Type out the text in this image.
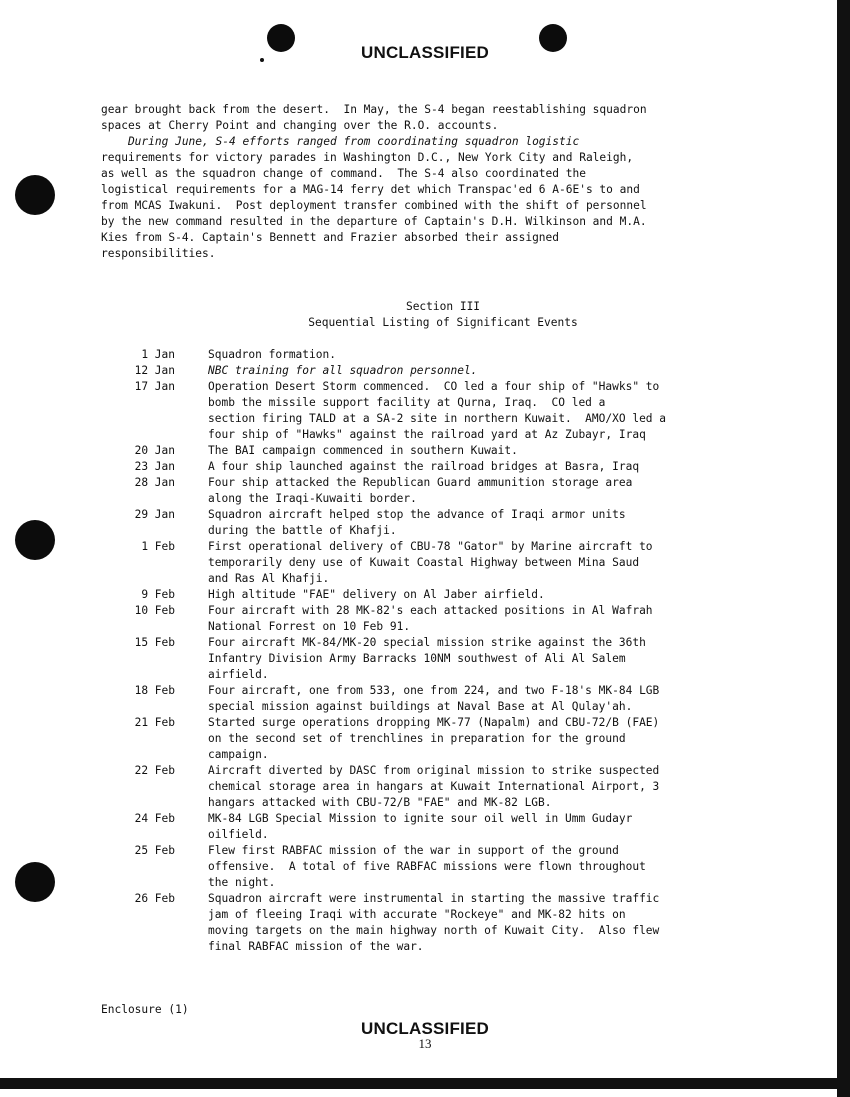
UNCLASSIFIED
gear brought back from the desert.  In May, the S-4 began reestablishing squadron
spaces at Cherry Point and changing over the R.O. accounts.
During June, S-4 efforts ranged from coordinating squadron logistic
requirements for victory parades in Washington D.C., New York City and Raleigh,
as well as the squadron change of command.  The S-4 also coordinated the
logistical requirements for a MAG-14 ferry det which Transpac'ed 6 A-6E's to and
from MCAS Iwakuni.  Post deployment transfer combined with the shift of personnel
by the new command resulted in the departure of Captain's D.H. Wilkinson and M.A.
Kies from S-4. Captain's Bennett and Frazier absorbed their assigned
responsibilities.
Section III
Sequential Listing of Significant Events
1 Jan	Squadron formation.
12 Jan	NBC training for all squadron personnel.
17 Jan	Operation Desert Storm commenced.  CO led a four ship of "Hawks" to
bomb the missile support facility at Qurna, Iraq.  CO led a
section firing TALD at a SA-2 site in northern Kuwait.  AMO/XO led a
four ship of "Hawks" against the railroad yard at Az Zubayr, Iraq
20 Jan	The BAI campaign commenced in southern Kuwait.
23 Jan	A four ship launched against the railroad bridges at Basra, Iraq
28 Jan	Four ship attacked the Republican Guard ammunition storage area
along the Iraqi-Kuwaiti border.
29 Jan	Squadron aircraft helped stop the advance of Iraqi armor units
during the battle of Khafji.
1 Feb	First operational delivery of CBU-78 "Gator" by Marine aircraft to
temporarily deny use of Kuwait Coastal Highway between Mina Saud
and Ras Al Khafji.
9 Feb	High altitude "FAE" delivery on Al Jaber airfield.
10 Feb	Four aircraft with 28 MK-82's each attacked positions in Al Wafrah
National Forrest on 10 Feb 91.
15 Feb	Four aircraft MK-84/MK-20 special mission strike against the 36th
Infantry Division Army Barracks 10NM southwest of Ali Al Salem
airfield.
18 Feb	Four aircraft, one from 533, one from 224, and two F-18's MK-84 LGB
special mission against buildings at Naval Base at Al Qulay'ah.
21 Feb	Started surge operations dropping MK-77 (Napalm) and CBU-72/B (FAE)
on the second set of trenchlines in preparation for the ground
campaign.
22 Feb	Aircraft diverted by DASC from original mission to strike suspected
chemical storage area in hangars at Kuwait International Airport, 3
hangars attacked with CBU-72/B "FAE" and MK-82 LGB.
24 Feb	MK-84 LGB Special Mission to ignite sour oil well in Umm Gudayr
oilfield.
25 Feb	Flew first RABFAC mission of the war in support of the ground
offensive.  A total of five RABFAC missions were flown throughout
the night.
26 Feb	Squadron aircraft were instrumental in starting the massive traffic
jam of fleeing Iraqi with accurate "Rockeye" and MK-82 hits on
moving targets on the main highway north of Kuwait City.  Also flew
final RABFAC mission of the war.
Enclosure (1)
UNCLASSIFIED
13
